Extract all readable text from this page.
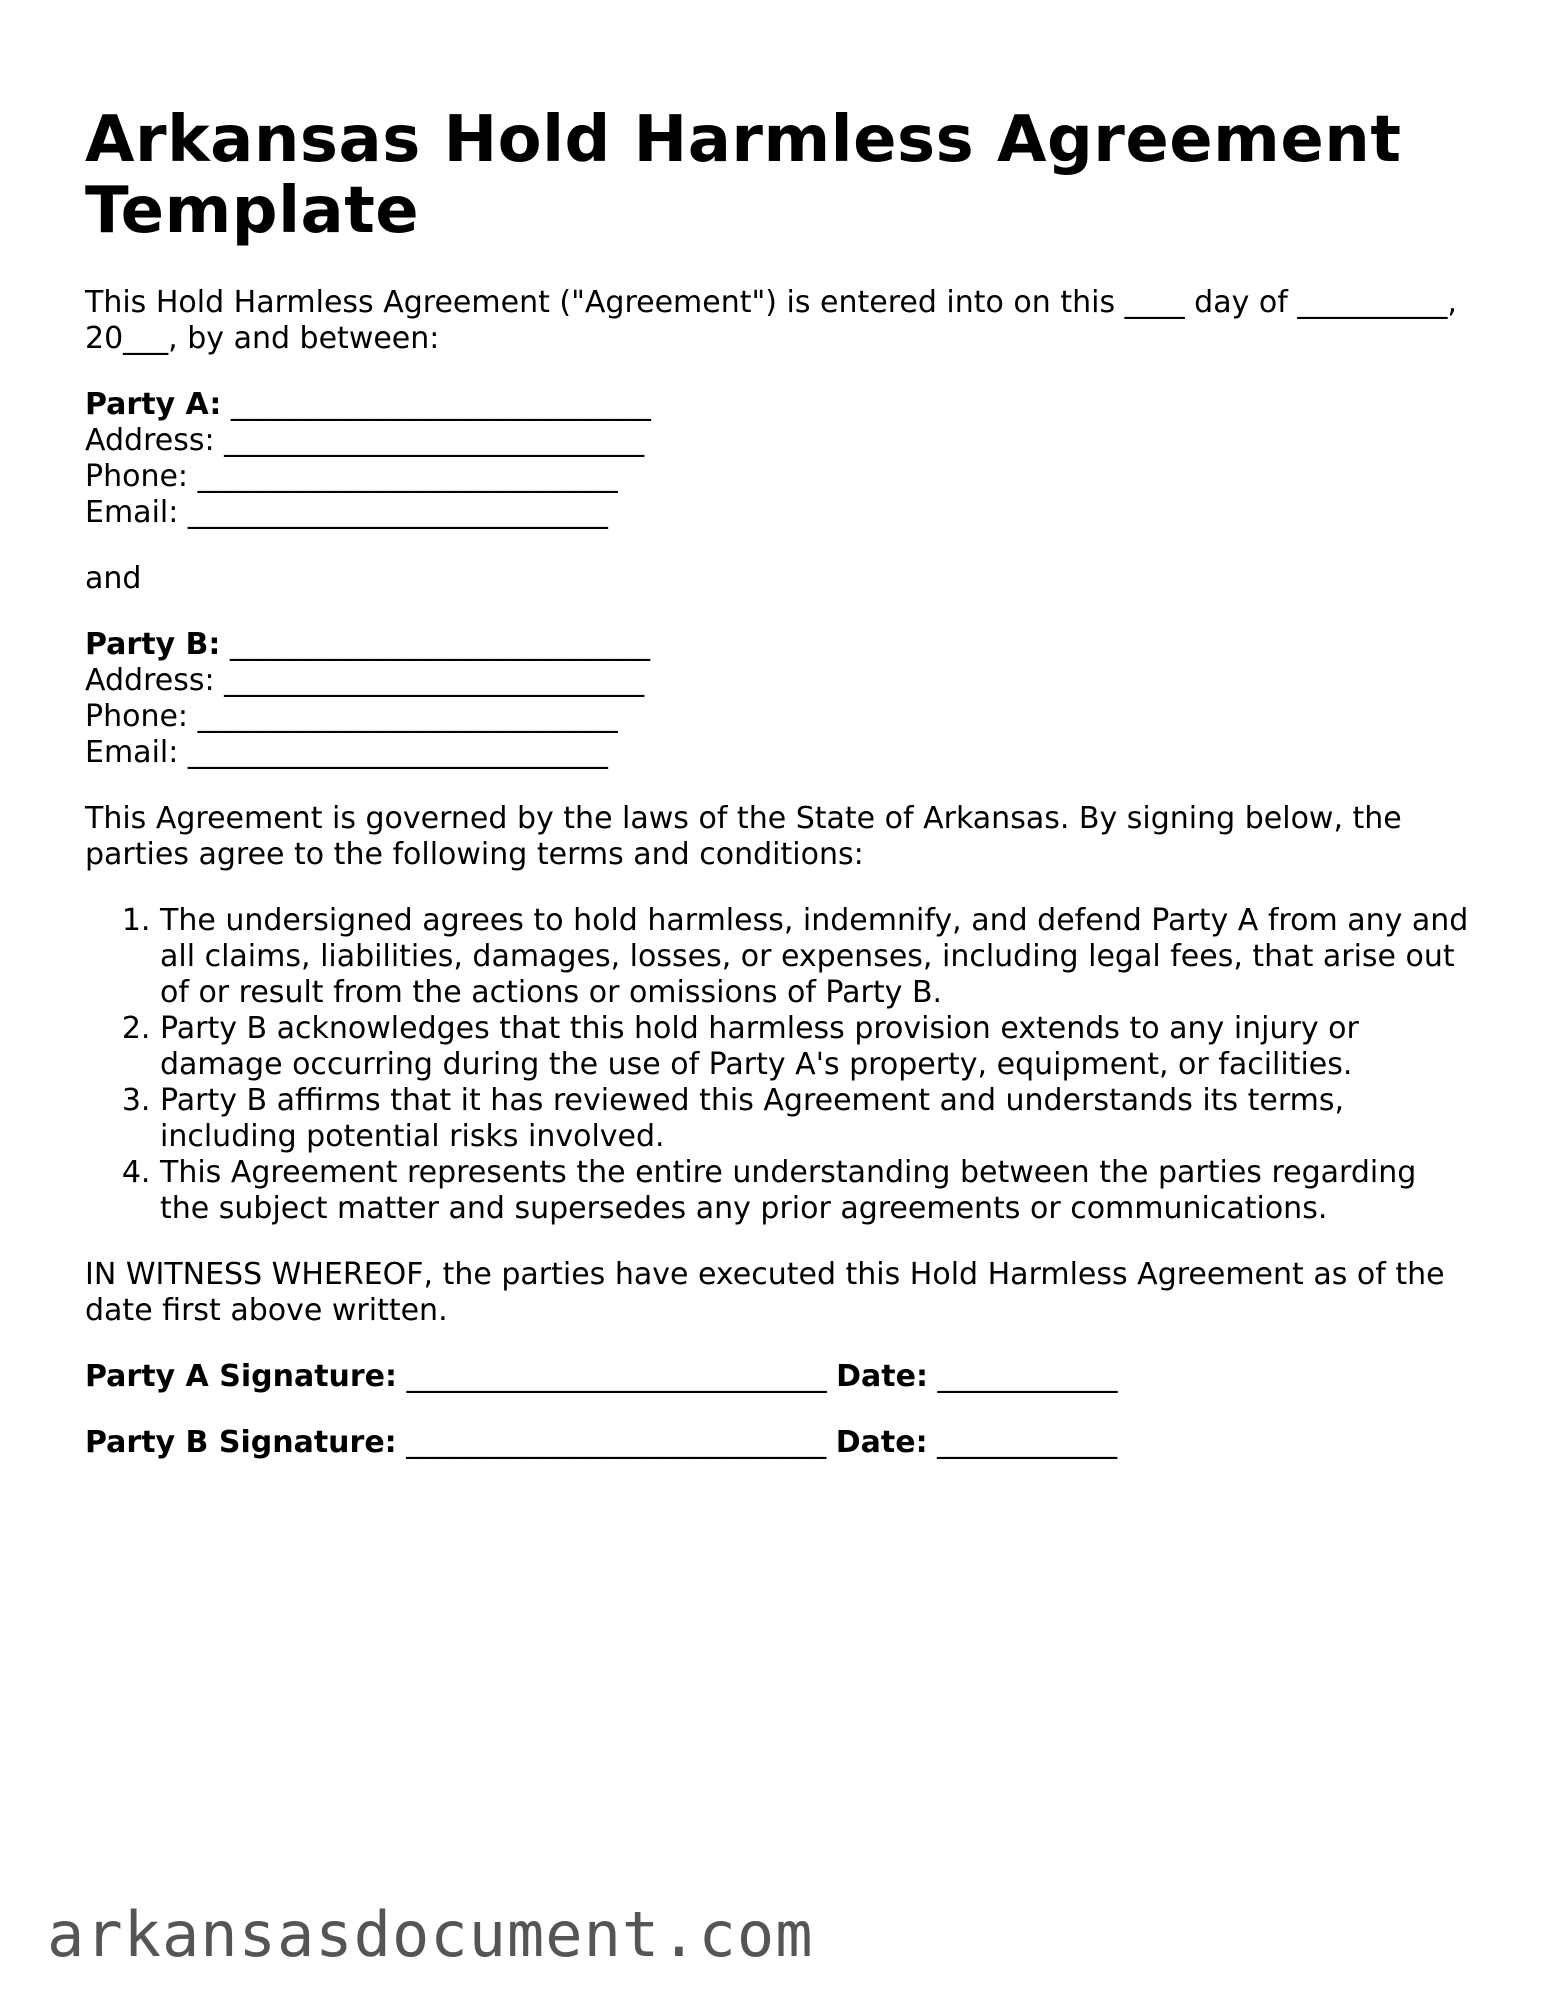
Arkansas Hold Harmless Agreement Template

This Hold Harmless Agreement ("Agreement") is entered into on this ____ day of __________, 20___, by and between:

Party A: ____________________________

Address: ____________________________

Phone: ____________________________

Email: ____________________________

and

Party B: ____________________________

Address: ____________________________

Phone: ____________________________

Email: ____________________________

This Agreement is governed by the laws of the State of Arkansas. By signing below, the parties agree to the following terms and conditions:

1. The undersigned agrees to hold harmless, indemnify, and defend Party A from any and all claims, liabilities, damages, losses, or expenses, including legal fees, that arise out of or result from the actions or omissions of Party B.
2. Party B acknowledges that this hold harmless provision extends to any injury or damage occurring during the use of Party A's property, equipment, or facilities.
3. Party B affirms that it has reviewed this Agreement and understands its terms, including potential risks involved.
4. This Agreement represents the entire understanding between the parties regarding the subject matter and supersedes any prior agreements or communications.

IN WITNESS WHEREOF, the parties have executed this Hold Harmless Agreement as of the date first above written.

Party A Signature: ____________________________ Date: ____________

Party B Signature: ____________________________ Date: ____________

arkansasdocument.com
